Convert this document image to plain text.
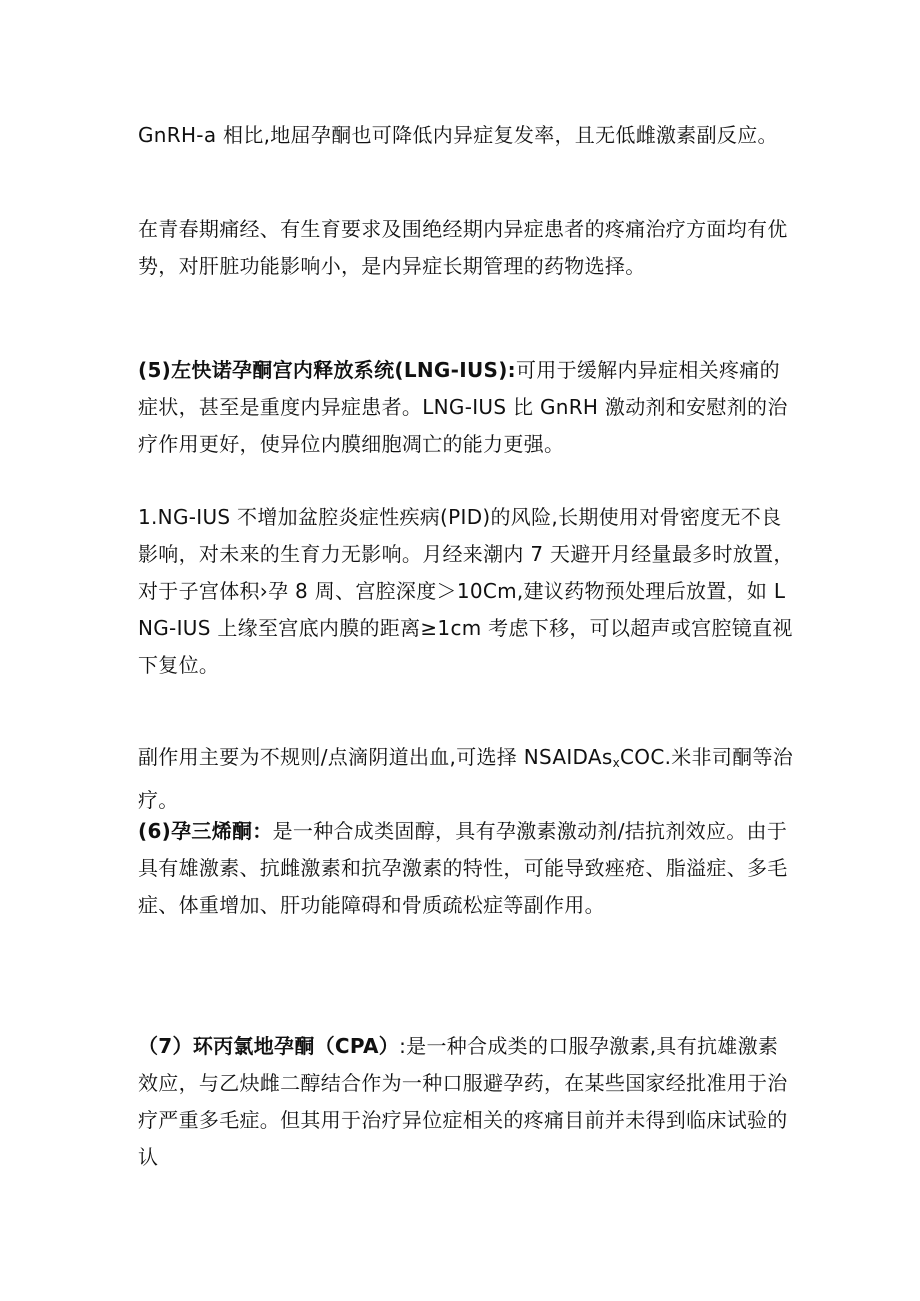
GnRH-a 相比,地屈孕酮也可降低内异症复发率，且无低雌激素副反应。

在青春期痛经、有生育要求及围绝经期内异症患者的疼痛治疗方面均有优势，对肝脏功能影响小，是内异症长期管理的药物选择。

(5)左快诺孕酮宫内释放系统(LNG-IUS):可用于缓解内异症相关疼痛的症状，甚至是重度内异症患者。LNG-IUS 比 GnRH 激动剂和安慰剂的治疗作用更好，使异位内膜细胞凋亡的能力更强。

1.NG-IUS 不增加盆腔炎症性疾病(PID)的风险,长期使用对骨密度无不良影响，对未来的生育力无影响。月经来潮内 7 天避开月经量最多时放置，对于子宫体积›孕 8 周、宫腔深度＞10Cm,建议药物预处理后放置，如 LNG-IUS 上缘至宫底内膜的距离≥1cm 考虑下移，可以超声或宫腔镜直视下复位。

副作用主要为不规则/点滴阴道出血,可选择 NSAIDAs$_x$COC.米非司酮等治疗。

(6)孕三烯酮：是一种合成类固醇，具有孕激素激动剂/拮抗剂效应。由于具有雄激素、抗雌激素和抗孕激素的特性，可能导致痤疮、脂溢症、多毛症、体重增加、肝功能障碍和骨质疏松症等副作用。

（7）环丙氯地孕酮（CPA）:是一种合成类的口服孕激素,具有抗雄激素效应，与乙炔雌二醇结合作为一种口服避孕药，在某些国家经批准用于治疗严重多毛症。但其用于治疗异位症相关的疼痛目前并未得到临床试验的认
